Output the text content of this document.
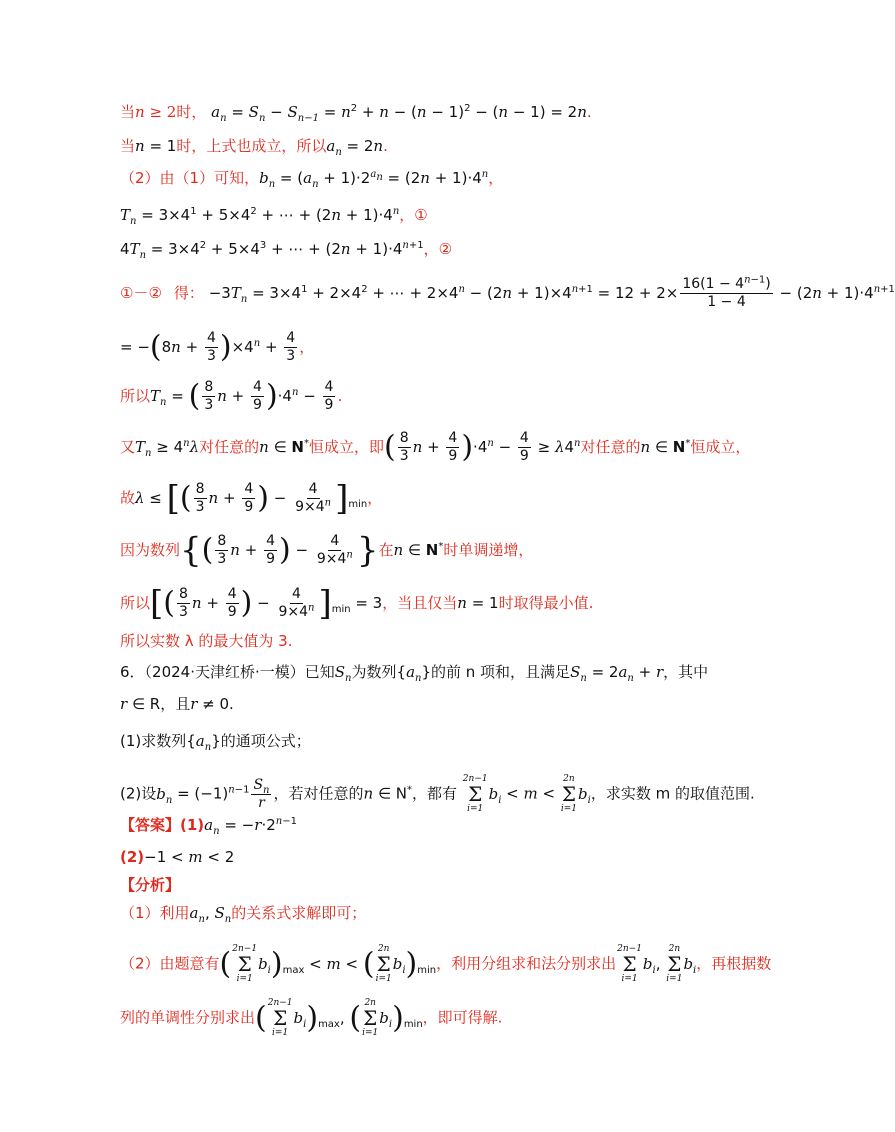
当n ≥ 2时， $a_n = S_n - S_{n-1} = n^2 + n - (n - 1)^2 - (n - 1) = 2n$.
当n = 1时，上式也成立，所以$a_n = 2n$.
（2）由（1）可知，$b_n = (a_n + 1)\cdot 2^{a_n} = (2n + 1)\cdot 4^n$，
$T_n = 3\times 4^1 + 5\times 4^2$ + ⋯ + $(2n + 1)\cdot 4^n$，①
$4T_n = 3\times 4^2 + 5\times 4^3$ + ⋯ + $(2n + 1)\cdot 4^{n+1}$，②
①－② 得： $-3T_n = 3\times 4^1 + 2\times 4^2$ + ⋯ + $2\times 4^n - (2n + 1)\times 4^{n+1} = 12 + 2\times \frac{16(1 - 4^{n-1})}{1 - 4} - (2n + 1)\cdot 4^{n+1}$
= $-(8n + \frac{4}{3} )\times 4^n + \frac{4}{3}$ ，
所以$T_n$ = ( $\frac{8}{3}$ $n + \frac{4}{9} )\cdot 4^n - \frac{4}{9}$ .
又$T_n \ge 4^n\lambda$对任意的n ∈ N*恒成立，即( $\frac{8}{3}$ $n + \frac{4}{9} )\cdot 4^n - \frac{4}{9} \ge \lambda 4^n$对任意的n ∈ N*恒成立，
故λ ≤ [( $\frac{8}{3}$ $n + \frac{4}{9}$ ) − $\frac{4}{9\times 4^n} ]_{min}$，
因为数列{( $\frac{8}{3}$ $n + \frac{4}{9}$ ) − $\frac{4}{9\times 4^n}$ }在n ∈ N*时单调递增，
所以[( $\frac{8}{3}$ $n + \frac{4}{9}$ ) − $\frac{4}{9\times 4^n} ]_{min} = 3$，当且仅当n = 1时取得最小值.
所以实数 λ 的最大值为 3.
6．（2024·天津红桥·一模）已知$S_n$为数列$\{a_n\}$的前 n 项和，且满足$S_n = 2a_n + r$，其中
r ∈ R，且r ≠ 0.
(1)求数列$\{a_n\}$的通项公式；
(2)设$b_n = (-1)^{n-1} \frac{S_n}{r}$ ，若对任意的n ∈ N*，都有
2n−1
Σ
i=1
$b_i < m$ <
2n
Σ
i=1
$b_i$，求实数 m 的取值范围.
【答案】$(1)a_n = -r\cdot 2^{n-1}$
(2)−1 < m < 2
【分析】
（1）利用$a_n$, $S_n$的关系式求解即可；
（2）由题意有( 2n−1
Σ
i=1
$b_i)_{max} < m$ < ( 2n
Σ
i=1
$b_i)_{min}$，利用分组求和法分别求出
2n−1
Σ
i=1
$b_i$,
2n
Σ
i=1
$b_i$，再根据数
列的单调性分别求出( 2n−1
Σ
i=1
$b_i)_{max}$, ( 2n
Σ
i=1
$b_i)_{min}$，即可得解.
